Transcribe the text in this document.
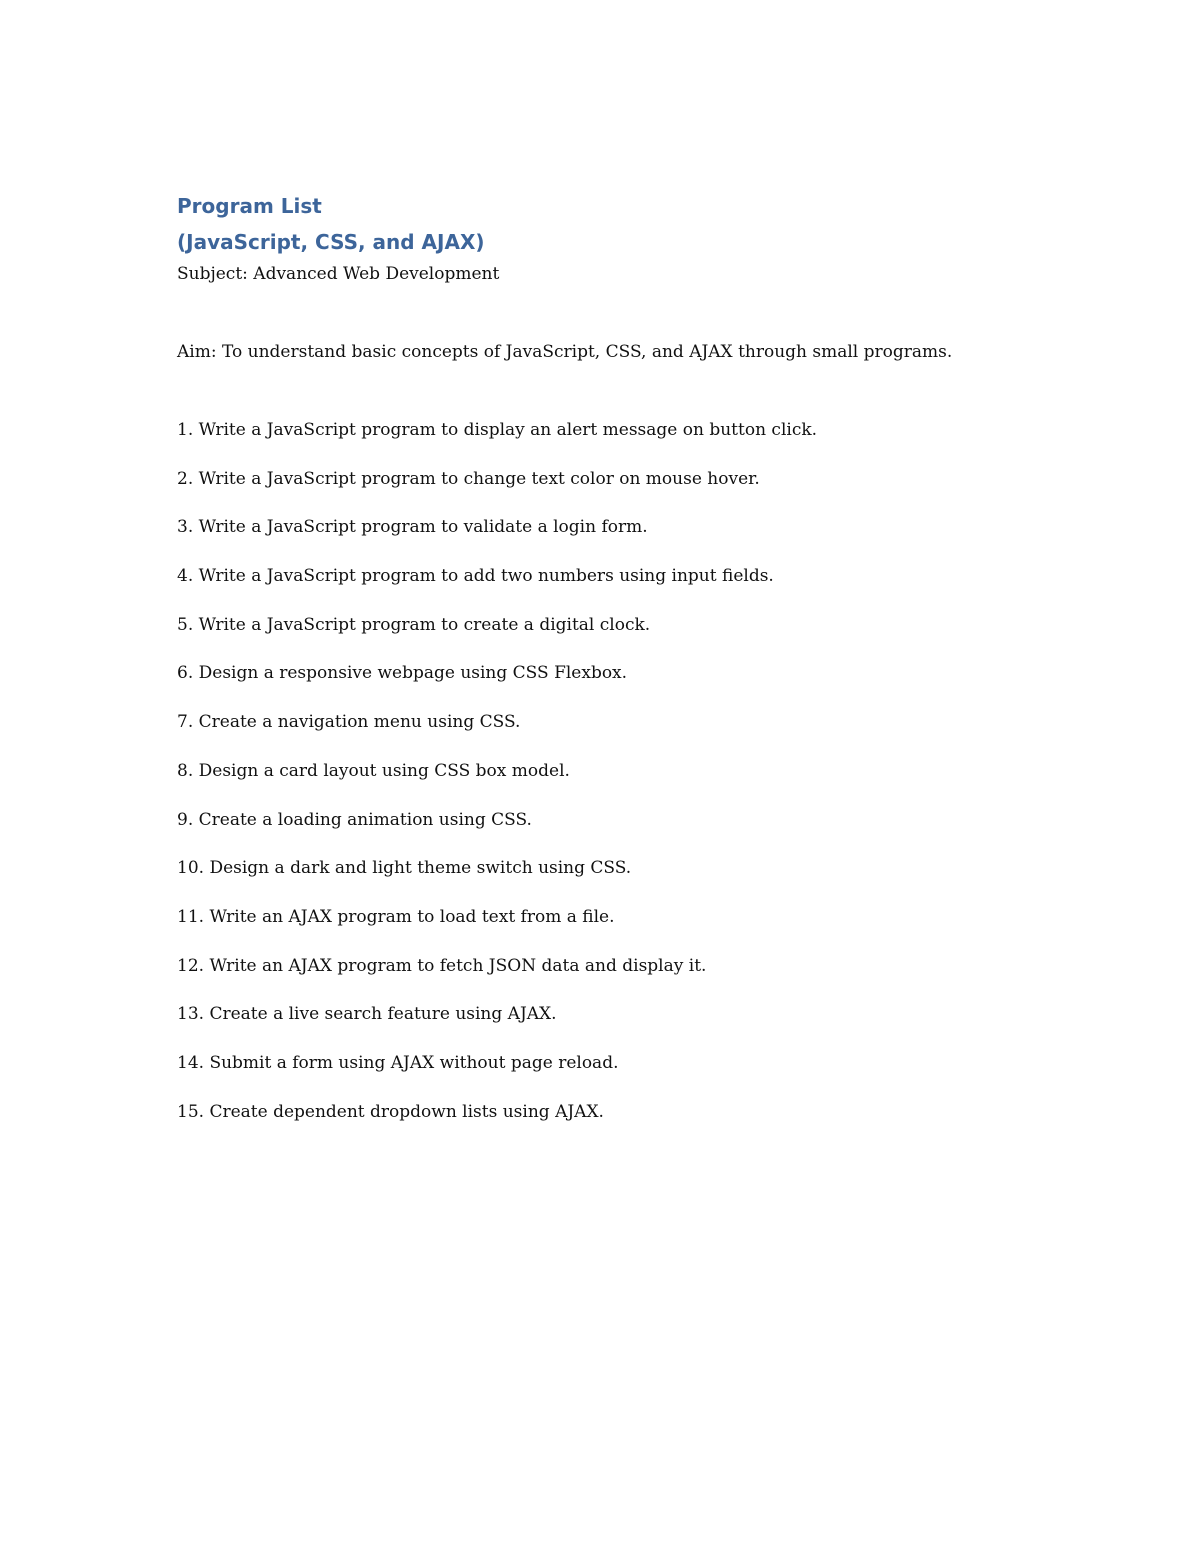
Program List
(JavaScript, CSS, and AJAX)

Subject: Advanced Web Development

Aim: To understand basic concepts of JavaScript, CSS, and AJAX through small programs.

1. Write a JavaScript program to display an alert message on button click.
2. Write a JavaScript program to change text color on mouse hover.
3. Write a JavaScript program to validate a login form.
4. Write a JavaScript program to add two numbers using input fields.
5. Write a JavaScript program to create a digital clock.
6. Design a responsive webpage using CSS Flexbox.
7. Create a navigation menu using CSS.
8. Design a card layout using CSS box model.
9. Create a loading animation using CSS.
10. Design a dark and light theme switch using CSS.
11. Write an AJAX program to load text from a file.
12. Write an AJAX program to fetch JSON data and display it.
13. Create a live search feature using AJAX.
14. Submit a form using AJAX without page reload.
15. Create dependent dropdown lists using AJAX.
